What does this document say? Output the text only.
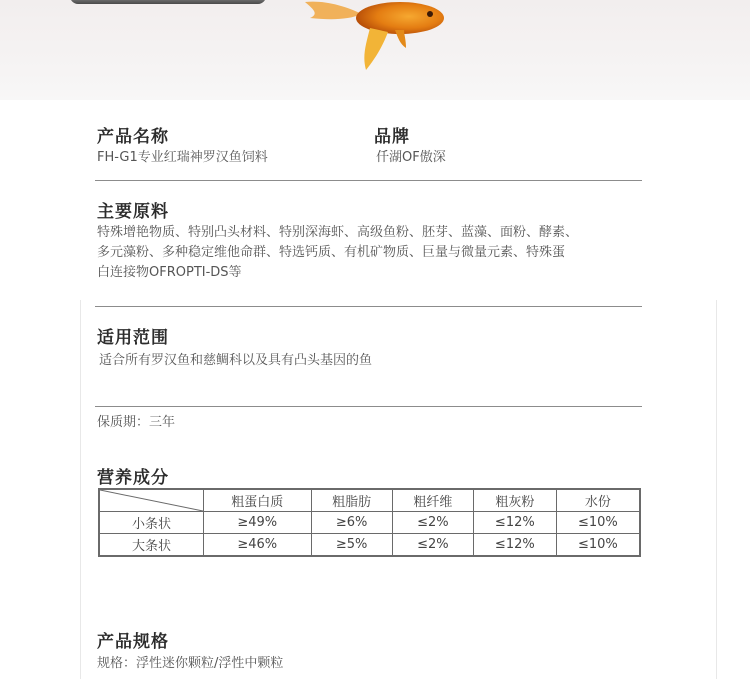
产品名称
FH-G1专业红瑞神罗汉鱼饲料
品牌
仟湖OF傲深
主要原料
特殊增艳物质、特别凸头材料、特别深海虾、高级鱼粉、胚芽、蓝藻、面粉、酵素、
多元藻粉、多种稳定维他命群、特选钙质、有机矿物质、巨量与微量元素、特殊蛋
白连接物OFROPTI-DS等
适用范围
适合所有罗汉鱼和慈鲷科以及具有凸头基因的鱼
保质期：三年
营养成分
	粗蛋白质	粗脂肪	粗纤维	粗灰粉	水份
小条状	≥49%	≥6%	≤2%	≤12%	≤10%
大条状	≥46%	≥5%	≤2%	≤12%	≤10%
产品规格
规格：浮性迷你颗粒/浮性中颗粒
